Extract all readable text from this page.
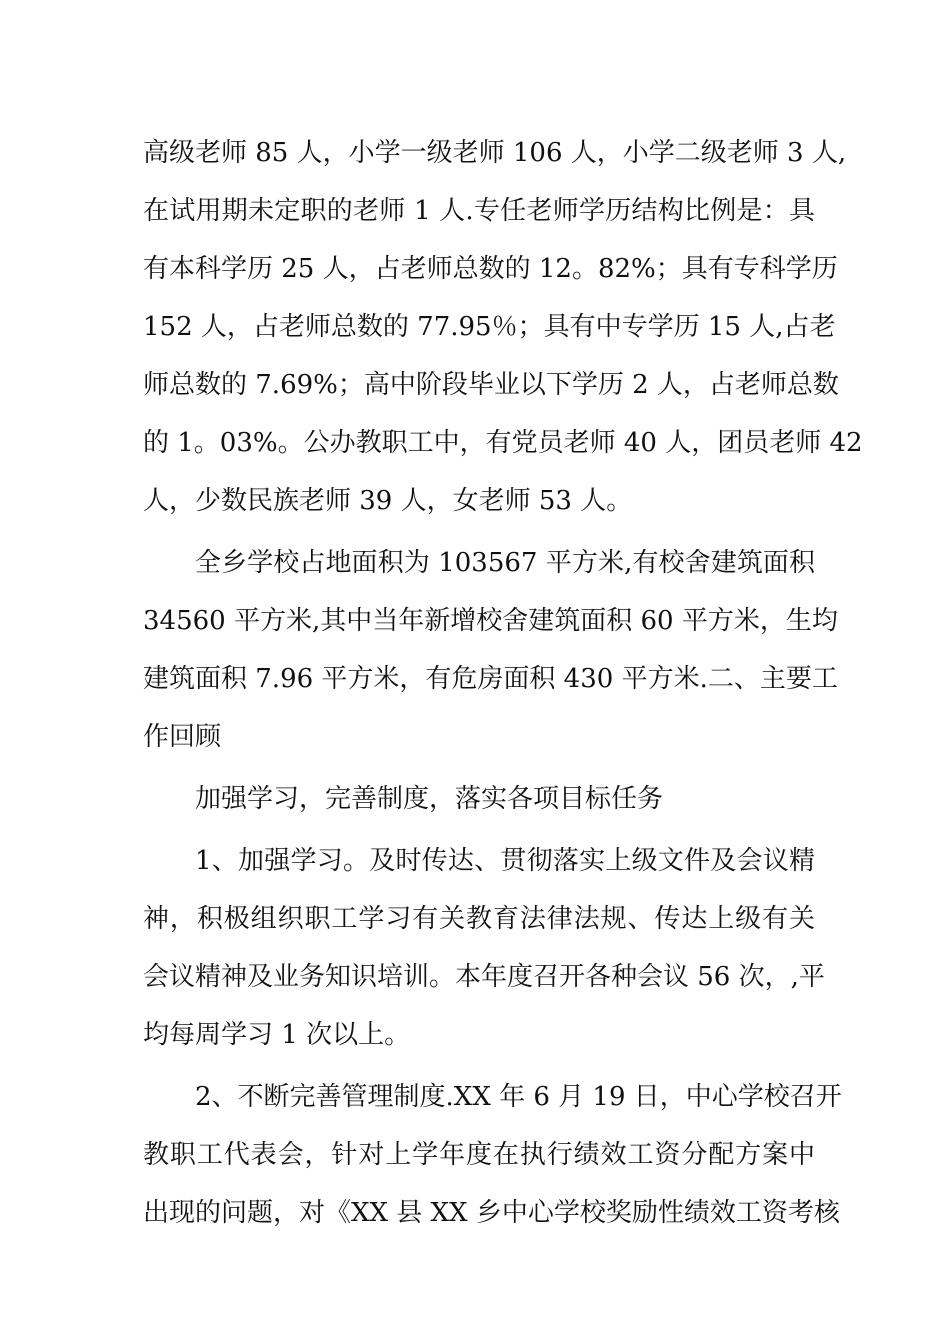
高级老师 85 人，小学一级老师 106 人，小学二级老师 3 人,
在试用期未定职的老师 1 人.专任老师学历结构比例是：具
有本科学历 25 人，占老师总数的 12。82%；具有专科学历
152 人，占老师总数的 77.95％；具有中专学历 15 人,占老
师总数的 7.69%；高中阶段毕业以下学历 2 人，占老师总数
的 1。03%。公办教职工中，有党员老师 40 人，团员老师 42
人，少数民族老师 39 人，女老师 53 人。
全乡学校占地面积为 103567 平方米,有校舍建筑面积
34560 平方米,其中当年新增校舍建筑面积 60 平方米，生均
建筑面积 7.96 平方米，有危房面积 430 平方米.二、主要工
作回顾
加强学习，完善制度，落实各项目标任务
1、加强学习。及时传达、贯彻落实上级文件及会议精
神，积极组织职工学习有关教育法律法规、传达上级有关
会议精神及业务知识培训。本年度召开各种会议 56 次，,平
均每周学习 1 次以上。
2、不断完善管理制度.XX 年 6 月 19 日，中心学校召开
教职工代表会，针对上学年度在执行绩效工资分配方案中
出现的问题，对《XX 县 XX 乡中心学校奖励性绩效工资考核
